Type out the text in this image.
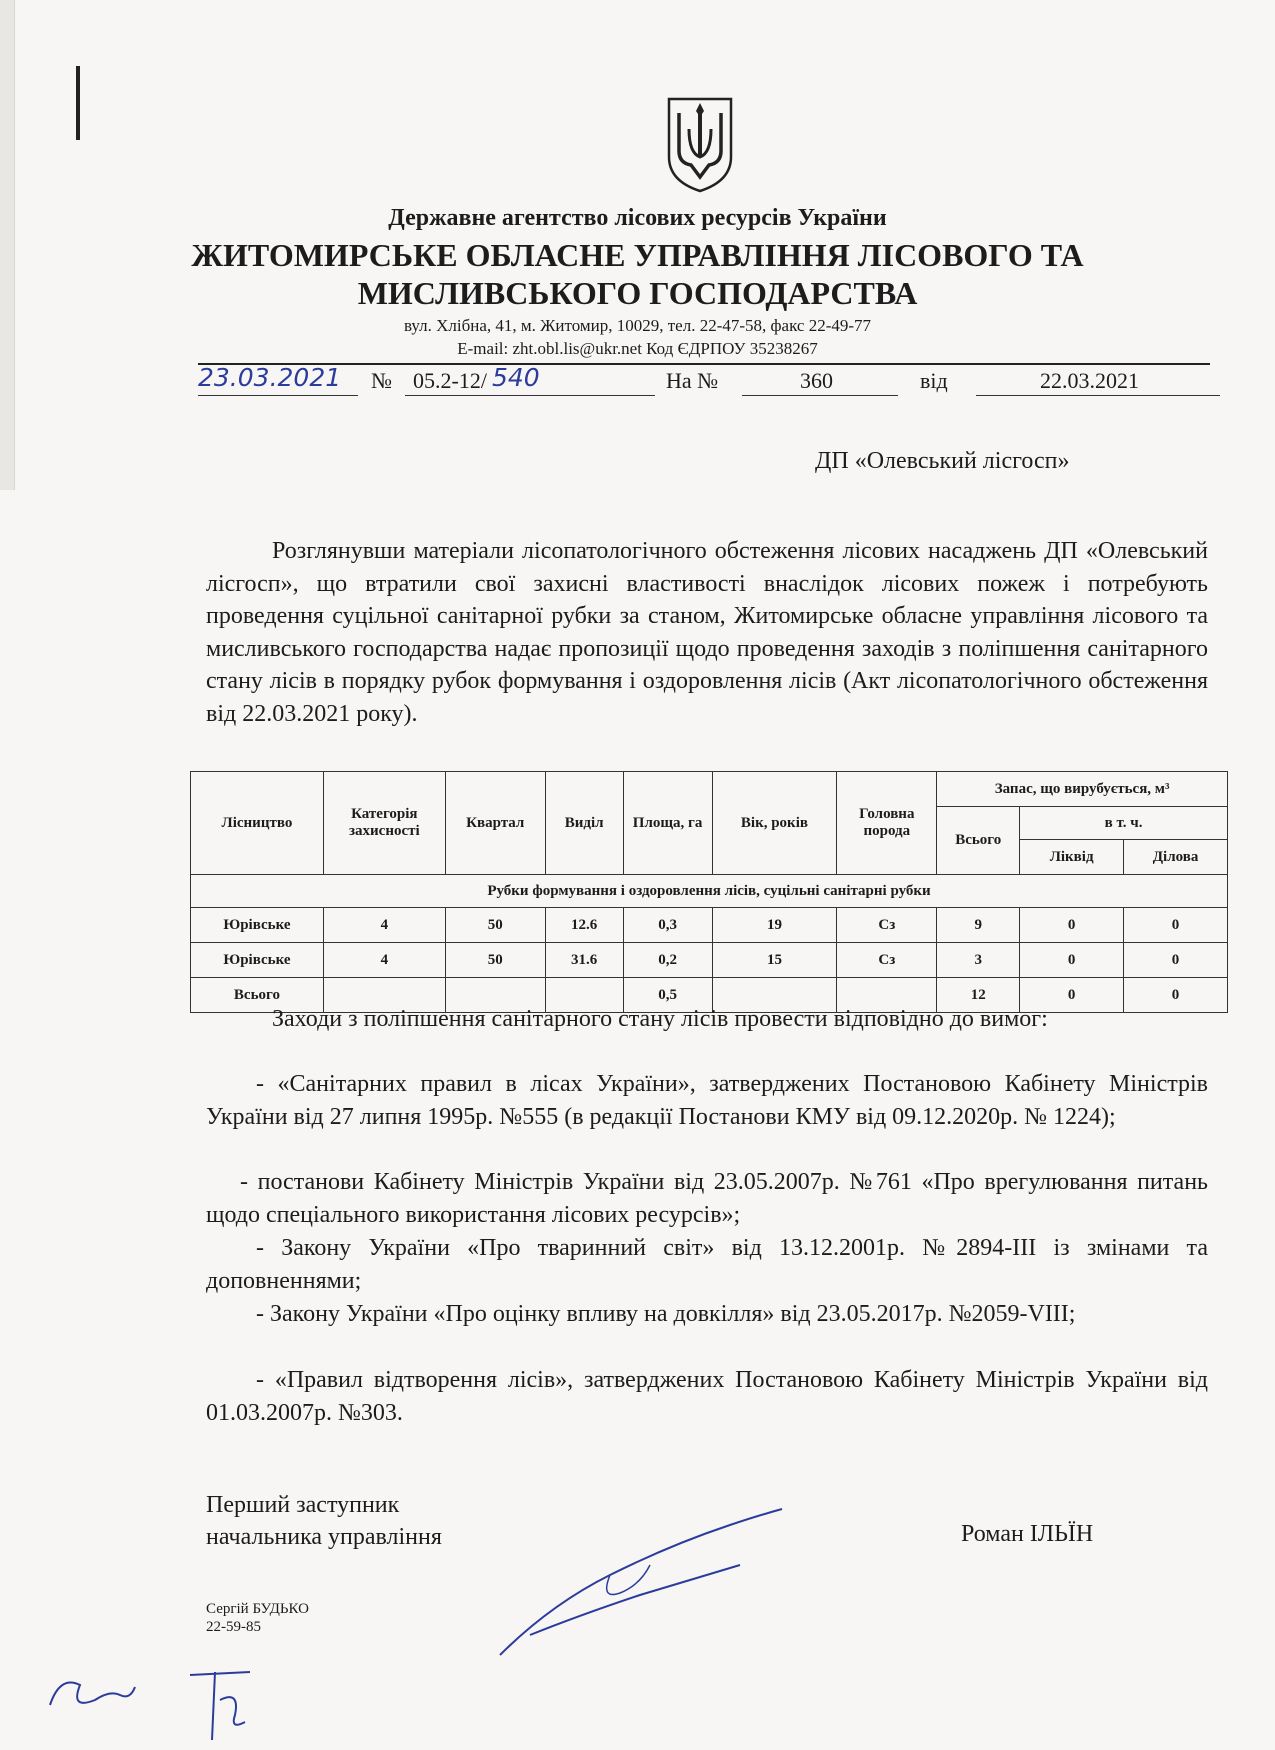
Державне агентство лісових ресурсів України
ЖИТОМИРСЬКЕ ОБЛАСНЕ УПРАВЛІННЯ ЛІСОВОГО ТА
МИСЛИВСЬКОГО ГОСПОДАРСТВА
вул. Хлібна, 41, м. Житомир, 10029, тел. 22-47-58, факс 22-49-77
E-mail: zht.obl.lis@ukr.net Код ЄДРПОУ 35238267
23.03.2021 № 05.2-12/ 540	На №	360	від	22.03.2021
ДП «Олевський лісгосп»
Розглянувши матеріали лісопатологічного обстеження лісових насаджень ДП «Олевський лісгосп», що втратили свої захисні властивості внаслідок лісових пожеж і потребують проведення суцільної санітарної рубки за станом, Житомирське обласне управління лісового та мисливського господарства надає пропозиції щодо проведення заходів з поліпшення санітарного стану лісів в порядку рубок формування і оздоровлення лісів (Акт лісопатологічного обстеження від 22.03.2021 року).
Лісництво	Категорія захисності	Квартал	Виділ	Площа, га	Вік, років	Головна порода	Запас, що вирубується, м³		
							Всього	в т. ч.	
								Ліквід	Ділова
Рубки формування і оздоровлення лісів, суцільні санітарні рубки									
Юрівське	4	50	12.6	0,3	19	Сз	9	0	0
Юрівське	4	50	31.6	0,2	15	Сз	3	0	0
Всього				0,5			12	0	0
Заходи з поліпшення санітарного стану лісів провести відповідно до вимог:
- «Санітарних правил в лісах України», затверджених Постановою Кабінету Міністрів України від 27 липня 1995р. №555 (в редакції Постанови КМУ від 09.12.2020р. № 1224);
- постанови Кабінету Міністрів України від 23.05.2007р. №761 «Про врегулювання питань щодо спеціального використання лісових ресурсів»;
- Закону України «Про тваринний світ» від 13.12.2001р. №2894-ІІІ із змінами та доповненнями;
- Закону України «Про оцінку впливу на довкілля» від 23.05.2017р. №2059-VIII;
- «Правил відтворення лісів», затверджених Постановою Кабінету Міністрів України від 01.03.2007р. №303.
Перший заступник
начальника управління	Роман ІЛЬЇН
Сергій БУДЬКО
22-59-85
